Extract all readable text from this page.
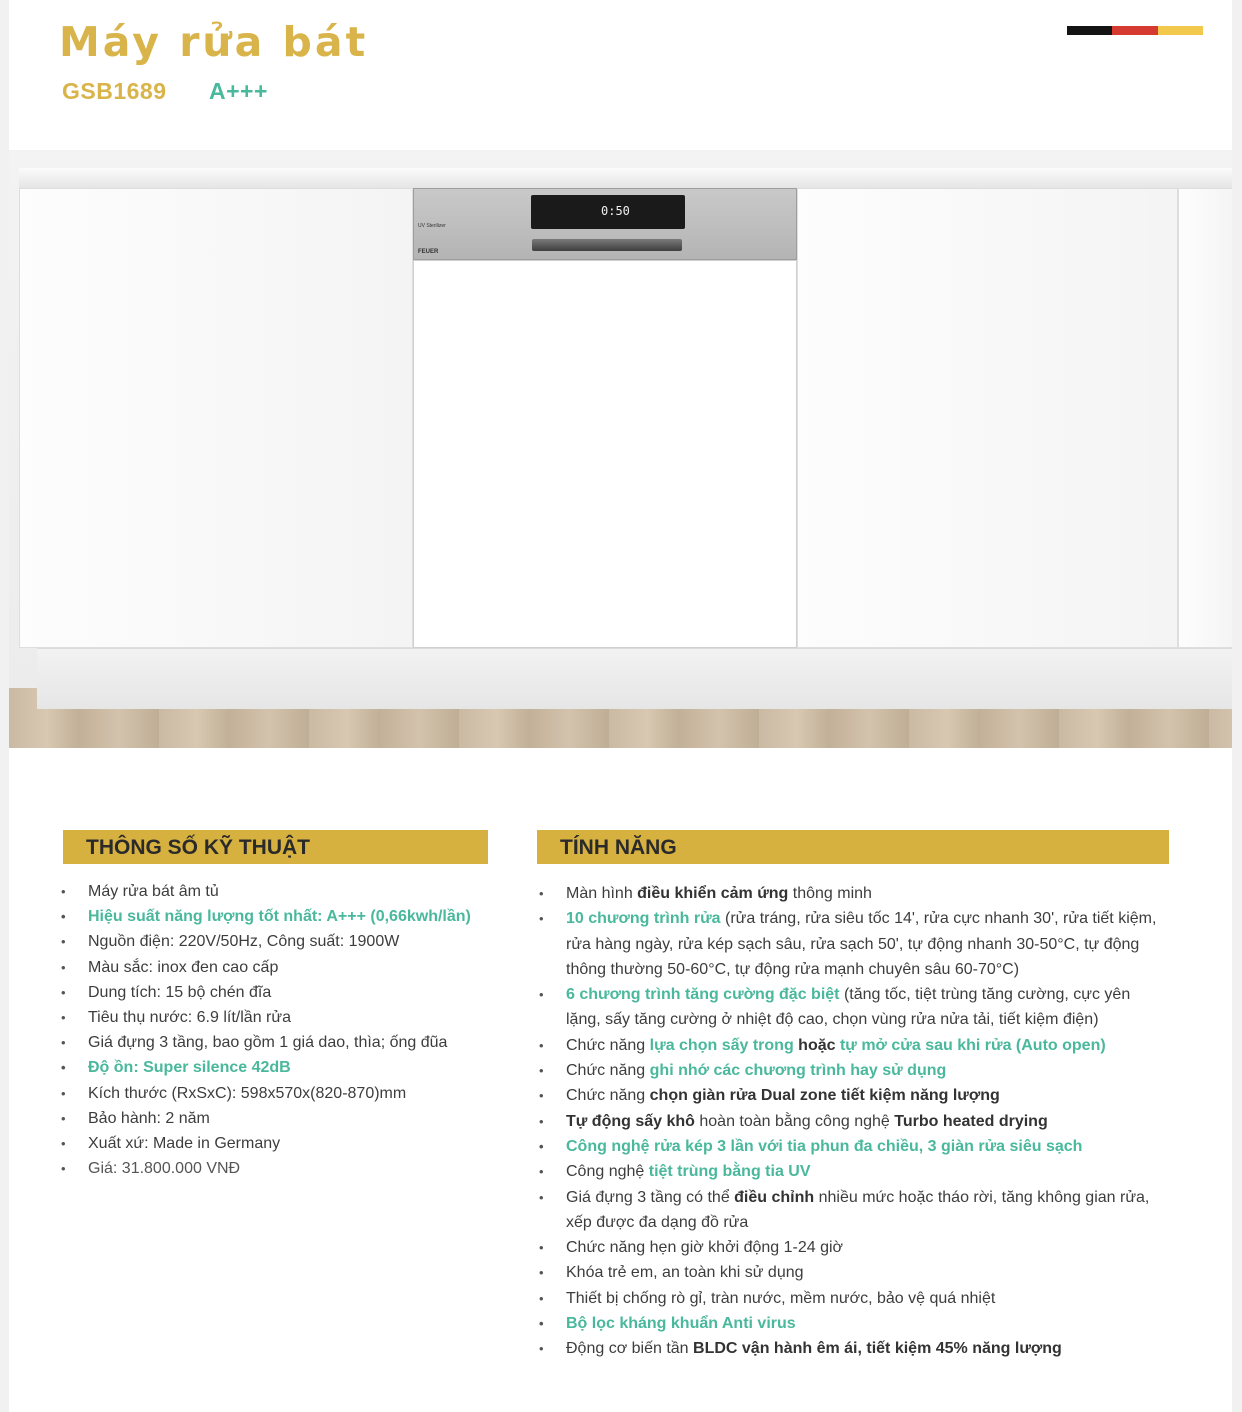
Máy rửa bát
GSB1689 A+++
UV Sterilizer
0:50
FEUER
THÔNG SỐ KỸ THUẬT
• Máy rửa bát âm tủ
• Hiệu suất năng lượng tốt nhất: A+++ (0,66kwh/lần)
• Nguồn điện: 220V/50Hz, Công suất: 1900W
• Màu sắc: inox đen cao cấp
• Dung tích: 15 bộ chén đĩa
• Tiêu thụ nước: 6.9 lít/lần rửa
• Giá đựng 3 tầng, bao gồm 1 giá dao, thìa; ống đũa
• Độ ồn: Super silence 42dB
• Kích thước (RxSxC): 598x570x(820-870)mm
• Bảo hành: 2 năm
• Xuất xứ: Made in Germany
• Giá: 31.800.000 VNĐ
TÍNH NĂNG
• Màn hình điều khiển cảm ứng thông minh
• 10 chương trình rửa (rửa tráng, rửa siêu tốc 14', rửa cực nhanh 30', rửa tiết kiệm, rửa hàng ngày, rửa kép sạch sâu, rửa sạch 50', tự động nhanh 30-50°C, tự động thông thường 50-60°C, tự động rửa mạnh chuyên sâu 60-70°C)
• 6 chương trình tăng cường đặc biệt (tăng tốc, tiệt trùng tăng cường, cực yên lặng, sấy tăng cường ở nhiệt độ cao, chọn vùng rửa nửa tải, tiết kiệm điện)
• Chức năng lựa chọn sấy trong hoặc tự mở cửa sau khi rửa (Auto open)
• Chức năng ghi nhớ các chương trình hay sử dụng
• Chức năng chọn giàn rửa Dual zone tiết kiệm năng lượng
• Tự động sấy khô hoàn toàn bằng công nghệ Turbo heated drying
• Công nghệ rửa kép 3 lần với tia phun đa chiều, 3 giàn rửa siêu sạch
• Công nghệ tiệt trùng bằng tia UV
• Giá đựng 3 tầng có thể điều chỉnh nhiều mức hoặc tháo rời, tăng không gian rửa, xếp được đa dạng đồ rửa
• Chức năng hẹn giờ khởi động 1-24 giờ
• Khóa trẻ em, an toàn khi sử dụng
• Thiết bị chống rò gỉ, tràn nước, mềm nước, bảo vệ quá nhiệt
• Bộ lọc kháng khuẩn Anti virus
• Động cơ biến tần BLDC vận hành êm ái, tiết kiệm 45% năng lượng
